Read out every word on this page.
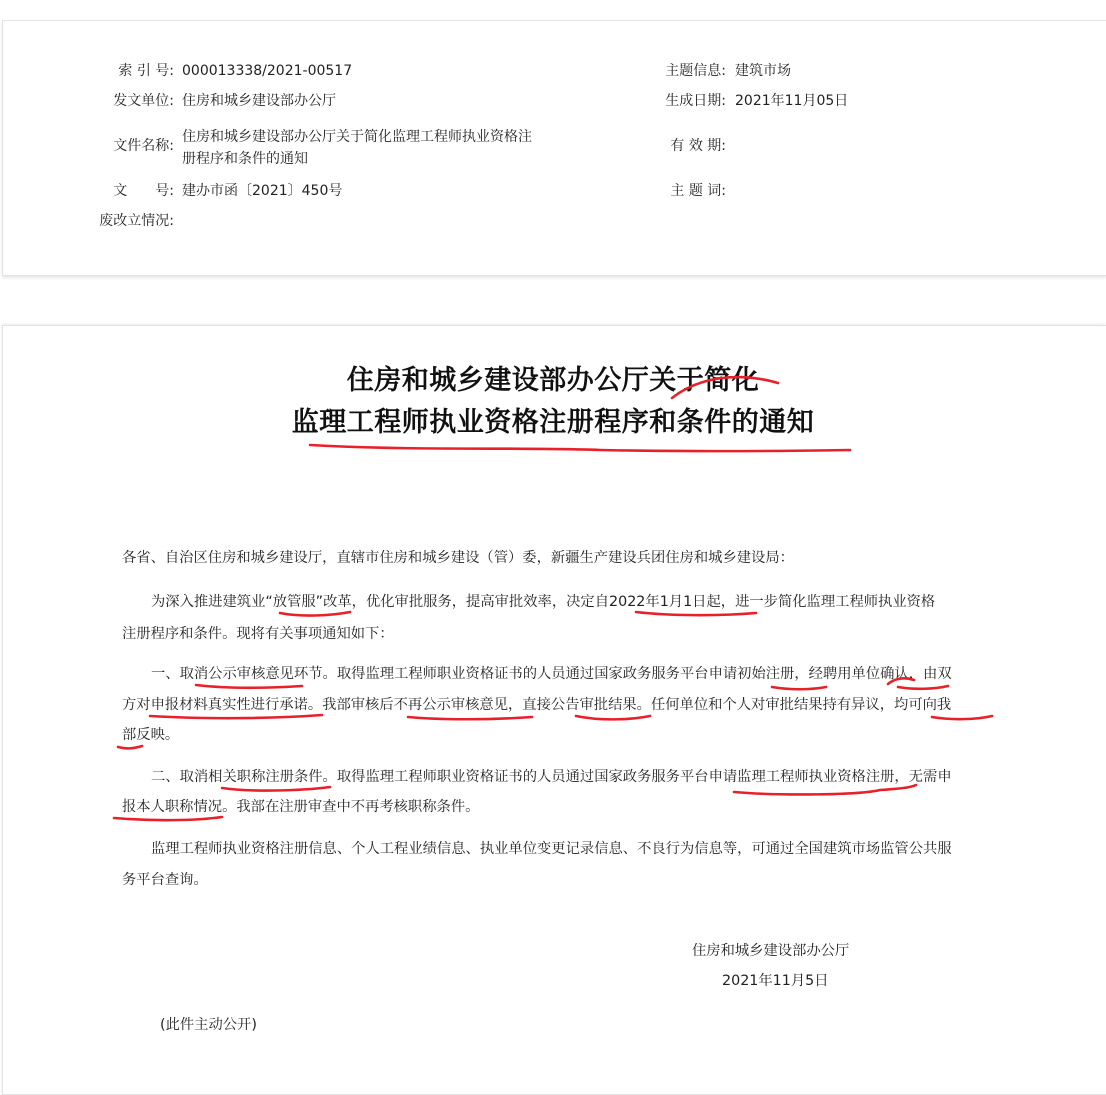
索 引 号: 000013338/2021-00517
发文单位: 住房和城乡建设部办公厅
文件名称:
住房和城乡建设部办公厅关于简化监理工程师执业资格注
册程序和条件的通知
文　　号: 建办市函〔2021〕450号
废改立情况:
主题信息: 建筑市场
生成日期: 2021年11月05日
有 效 期:
主 题 词:
住房和城乡建设部办公厅关于简化
监理工程师执业资格注册程序和条件的通知
各省、自治区住房和城乡建设厅，直辖市住房和城乡建设（管）委，新疆生产建设兵团住房和城乡建设局：
为深入推进建筑业“放管服”改革，优化审批服务，提高审批效率，决定自2022年1月1日起，进一步简化监理工程师执业资格
注册程序和条件。现将有关事项通知如下：
一、取消公示审核意见环节。取得监理工程师职业资格证书的人员通过国家政务服务平台申请初始注册，经聘用单位确认，由双
方对申报材料真实性进行承诺。我部审核后不再公示审核意见，直接公告审批结果。任何单位和个人对审批结果持有异议，均可向我
部反映。
二、取消相关职称注册条件。取得监理工程师职业资格证书的人员通过国家政务服务平台申请监理工程师执业资格注册，无需申
报本人职称情况。我部在注册审查中不再考核职称条件。
监理工程师执业资格注册信息、个人工程业绩信息、执业单位变更记录信息、不良行为信息等，可通过全国建筑市场监管公共服
务平台查询。
住房和城乡建设部办公厅
2021年11月5日
(此件主动公开)
